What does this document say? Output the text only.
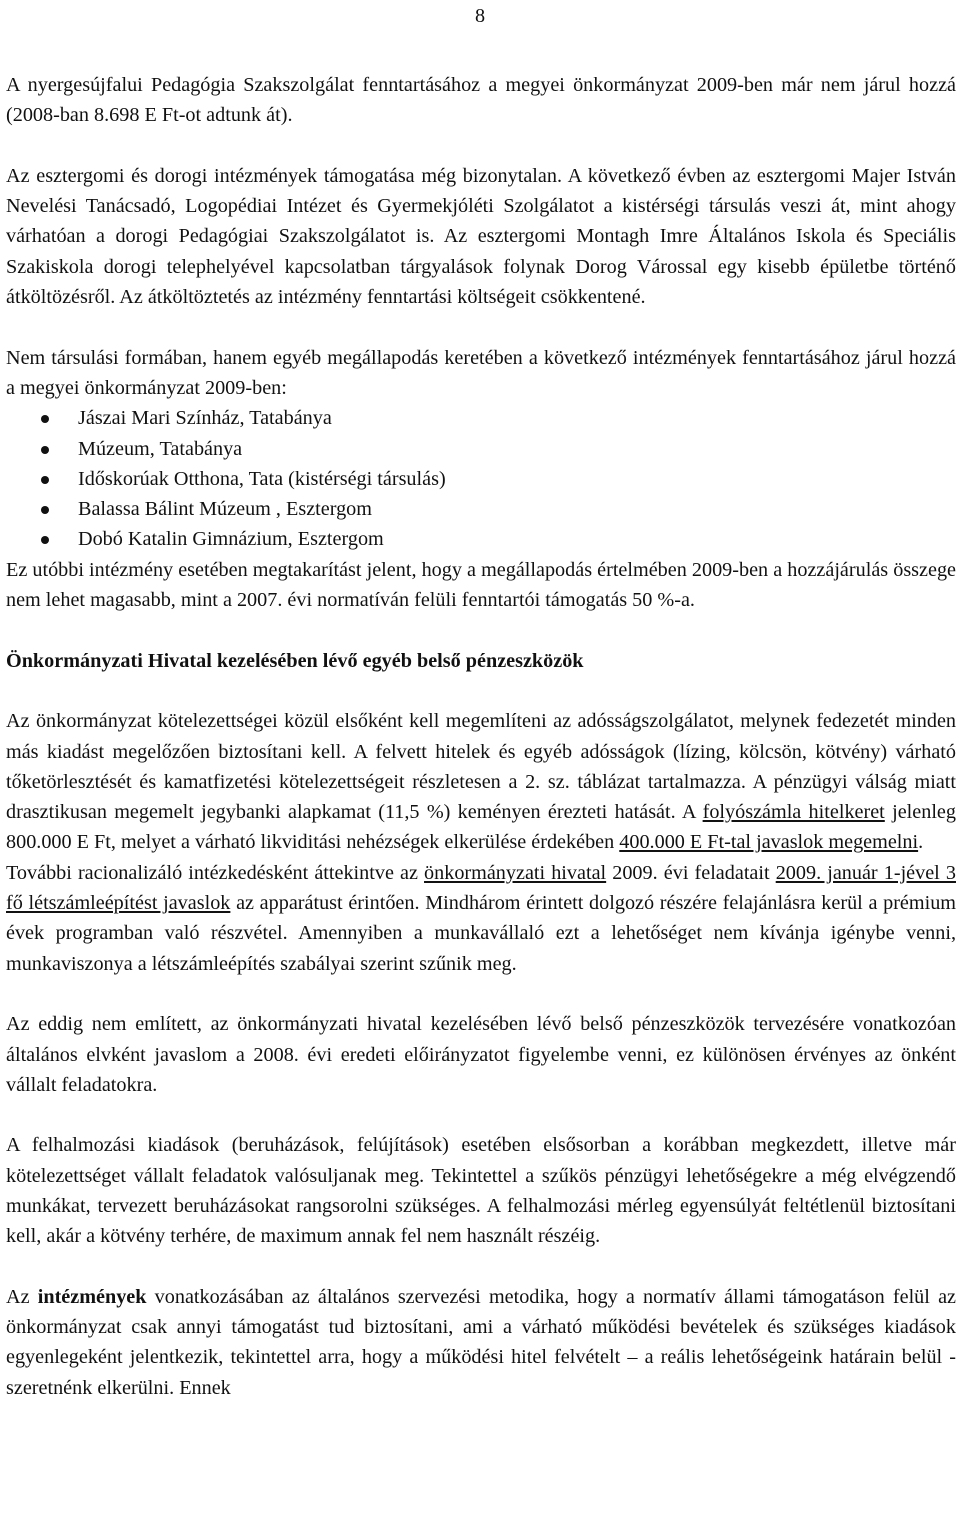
8

A nyergesújfalui Pedagógia Szakszolgálat fenntartásához a megyei önkormányzat 2009-ben már nem járul hozzá (2008-ban 8.698 E Ft-ot adtunk át).

Az esztergomi és dorogi intézmények támogatása még bizonytalan. A következő évben az esztergomi Majer István Nevelési Tanácsadó, Logopédiai Intézet és Gyermekjóléti Szolgálatot a kistérségi társulás veszi át, mint ahogy várhatóan a dorogi Pedagógiai Szakszolgálatot is. Az esztergomi Montagh Imre Általános Iskola és Speciális Szakiskola dorogi telephelyével kapcsolatban tárgyalások folynak Dorog Várossal egy kisebb épületbe történő átköltözésről. Az átköltöztetés az intézmény fenntartási költségeit csökkentené.

Nem társulási formában, hanem egyéb megállapodás keretében a következő intézmények fenntartásához járul hozzá a megyei önkormányzat 2009-ben:

Jászai Mari Színház, Tatabánya
Múzeum, Tatabánya
Időskorúak Otthona, Tata (kistérségi társulás)
Balassa Bálint Múzeum , Esztergom
Dobó Katalin Gimnázium, Esztergom

Ez utóbbi intézmény esetében megtakarítást jelent, hogy a megállapodás értelmében 2009-ben a hozzájárulás összege nem lehet magasabb, mint a 2007. évi normatíván felüli fenntartói támogatás 50 %-a.

Önkormányzati Hivatal kezelésében lévő egyéb belső pénzeszközök

Az önkormányzat kötelezettségei közül elsőként kell megemlíteni az adósságszolgálatot, melynek fedezetét minden más kiadást megelőzően biztosítani kell. A felvett hitelek és egyéb adósságok (lízing, kölcsön, kötvény) várható tőketörlesztését és kamatfizetési kötelezettségeit részletesen a 2. sz. táblázat tartalmazza. A pénzügyi válság miatt drasztikusan megemelt jegybanki alapkamat (11,5 %) keményen érezteti hatását. A folyószámla hitelkeret jelenleg 800.000 E Ft, melyet a várható likviditási nehézségek elkerülése érdekében 400.000 E Ft-tal javaslok megemelni.

További racionalizáló intézkedésként áttekintve az önkormányzati hivatal 2009. évi feladatait 2009. január 1-jével 3 fő létszámleépítést javaslok az apparátust érintően. Mindhárom érintett dolgozó részére felajánlásra kerül a prémium évek programban való részvétel. Amennyiben a munkavállaló ezt a lehetőséget nem kívánja igénybe venni, munkaviszonya a létszámleépítés szabályai szerint szűnik meg.

Az eddig nem említett, az önkormányzati hivatal kezelésében lévő belső pénzeszközök tervezésére vonatkozóan általános elvként javaslom a 2008. évi eredeti előirányzatot figyelembe venni, ez különösen érvényes az önként vállalt feladatokra.

A felhalmozási kiadások (beruházások, felújítások) esetében elsősorban a korábban megkezdett, illetve már kötelezettséget vállalt feladatok valósuljanak meg. Tekintettel a szűkös pénzügyi lehetőségekre a még elvégzendő munkákat, tervezett beruházásokat rangsorolni szükséges. A felhalmozási mérleg egyensúlyát feltétlenül biztosítani kell, akár a kötvény terhére, de maximum annak fel nem használt részéig.

Az intézmények vonatkozásában az általános szervezési metodika, hogy a normatív állami támogatáson felül az önkormányzat csak annyi támogatást tud biztosítani, ami a várható működési bevételek és szükséges kiadások egyenlegeként jelentkezik, tekintettel arra, hogy a működési hitel felvételt – a reális lehetőségeink határain belül - szeretnénk elkerülni. Ennek
